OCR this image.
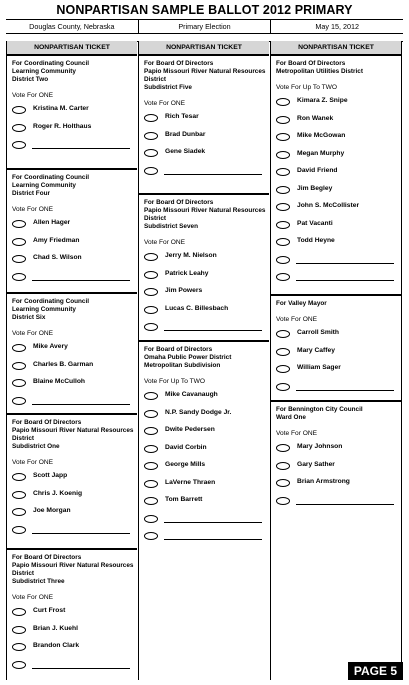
NONPARTISAN SAMPLE BALLOT 2012 PRIMARY
Douglas County, Nebraska	Primary Election	May 15, 2012
NONPARTISAN TICKET
For Coordinating Council
Learning Community
District Two
Vote For ONE
Kristina M. Carter
Roger R. Holthaus
For Coordinating Council
Learning Community
District Four
Vote For ONE
Allen Hager
Amy Friedman
Chad S. Wilson
For Coordinating Council
Learning Community
District Six
Vote For ONE
Mike Avery
Charles B. Garman
Blaine McCulloh
For Board Of Directors
Papio Missouri River Natural Resources
District
Subdistrict One
Vote For ONE
Scott Japp
Chris J. Koenig
Joe Morgan
For Board Of Directors
Papio Missouri River Natural Resources
District
Subdistrict Three
Vote For ONE
Curt Frost
Brian J. Kuehl
Brandon Clark
NONPARTISAN TICKET
For Board Of Directors
Papio Missouri River Natural Resources
District
Subdistrict Five
Vote For ONE
Rich Tesar
Brad Dunbar
Gene Siadek
For Board Of Directors
Papio Missouri River Natural Resources
District
Subdistrict Seven
Vote For ONE
Jerry M. Nielson
Patrick Leahy
Jim Powers
Lucas C. Billesbach
For Board of Directors
Omaha Public Power District
Metropolitan Subdivision
Vote For Up To TWO
Mike Cavanaugh
N.P. Sandy Dodge Jr.
Dwite Pedersen
David Corbin
George Mills
LaVerne Thraen
Tom Barrett
NONPARTISAN TICKET
For Board Of Directors
Metropolitan Utilities District
Vote For Up To TWO
Kimara Z. Snipe
Ron Wanek
Mike McGowan
Megan Murphy
David Friend
Jim Begley
John S. McCollister
Pat Vacanti
Todd Heyne
For Valley Mayor
Vote For ONE
Carroll Smith
Mary Caffey
William Sager
For Bennington City Council
Ward One
Vote For ONE
Mary Johnson
Gary Sather
Brian Armstrong
PAGE 5
